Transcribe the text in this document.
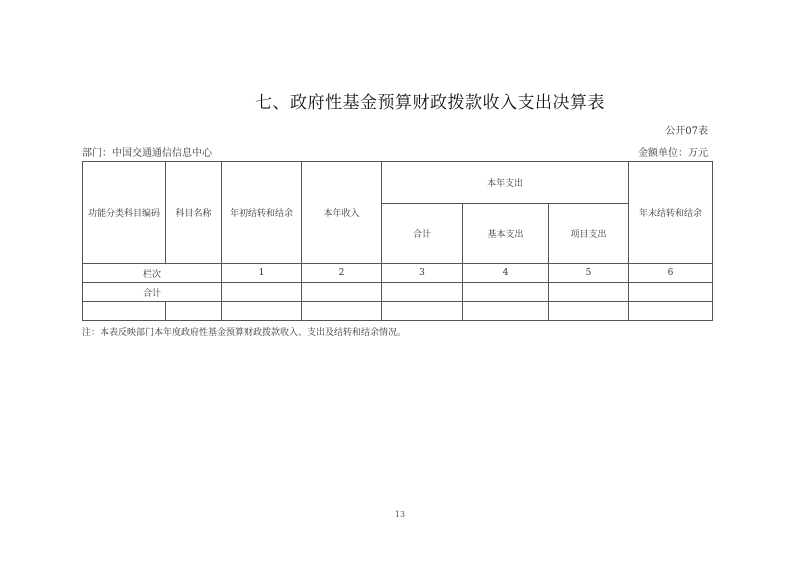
七、政府性基金预算财政拨款收入支出决算表
公开07表
部门：中国交通通信信息中心	金额单位：万元
功能分类科目编码	科目名称	年初结转和结余	本年收入	本年支出			年末结转和结余
				合计	基本支出	项目支出	
栏次		1	2	3	4	5	6
合计							

注：本表反映部门本年度政府性基金预算财政拨款收入、支出及结转和结余情况。
13
